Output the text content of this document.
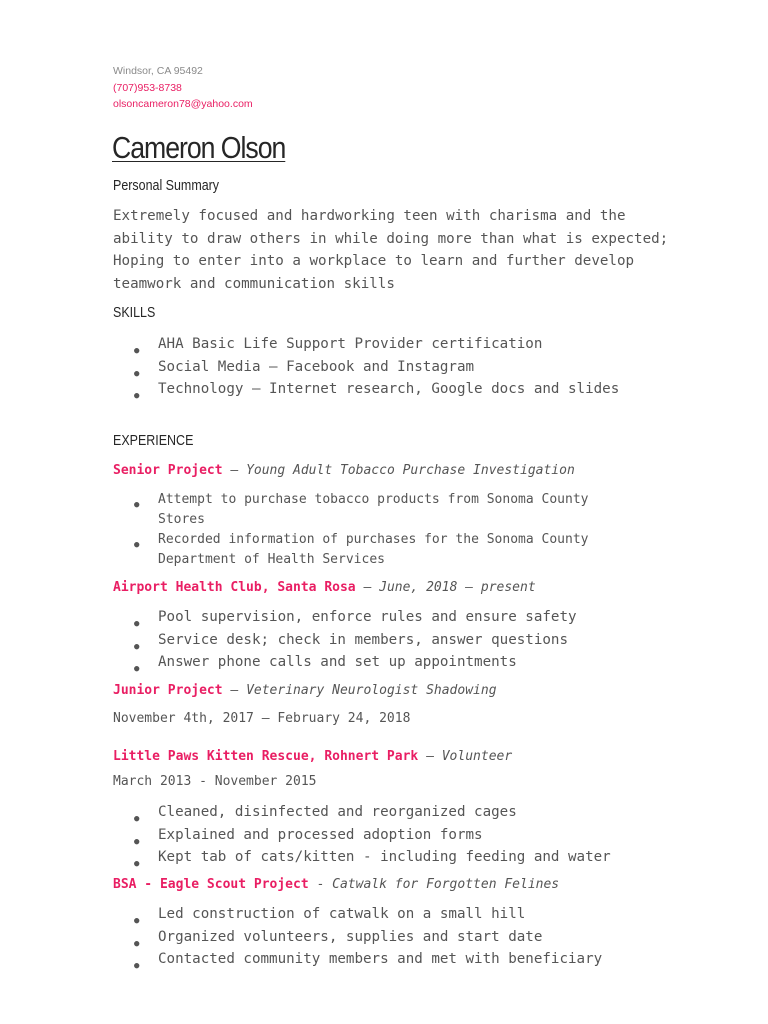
Windsor, CA 95492
(707)953-8738
olsoncameron78@yahoo.com
Cameron Olson
Personal Summary
Extremely focused and hardworking teen with charisma and the ability to draw others in while doing more than what is expected; Hoping to enter into a workplace to learn and further develop teamwork and communication skills
SKILLS
● AHA Basic Life Support Provider certification
● Social Media – Facebook and Instagram
● Technology – Internet research, Google docs and slides
EXPERIENCE
Senior Project – Young Adult Tobacco Purchase Investigation
● Attempt to purchase tobacco products from Sonoma County Stores
● Recorded information of purchases for the Sonoma County Department of Health Services
Airport Health Club, Santa Rosa – June, 2018 – present
● Pool supervision, enforce rules and ensure safety
● Service desk; check in members, answer questions
● Answer phone calls and set up appointments
Junior Project – Veterinary Neurologist Shadowing
November 4th, 2017 – February 24, 2018
Little Paws Kitten Rescue, Rohnert Park — Volunteer
March 2013 - November 2015
● Cleaned, disinfected and reorganized cages
● Explained and processed adoption forms
● Kept tab of cats/kitten - including feeding and water
BSA - Eagle Scout Project - Catwalk for Forgotten Felines
● Led construction of catwalk on a small hill
● Organized volunteers, supplies and start date
● Contacted community members and met with beneficiary
